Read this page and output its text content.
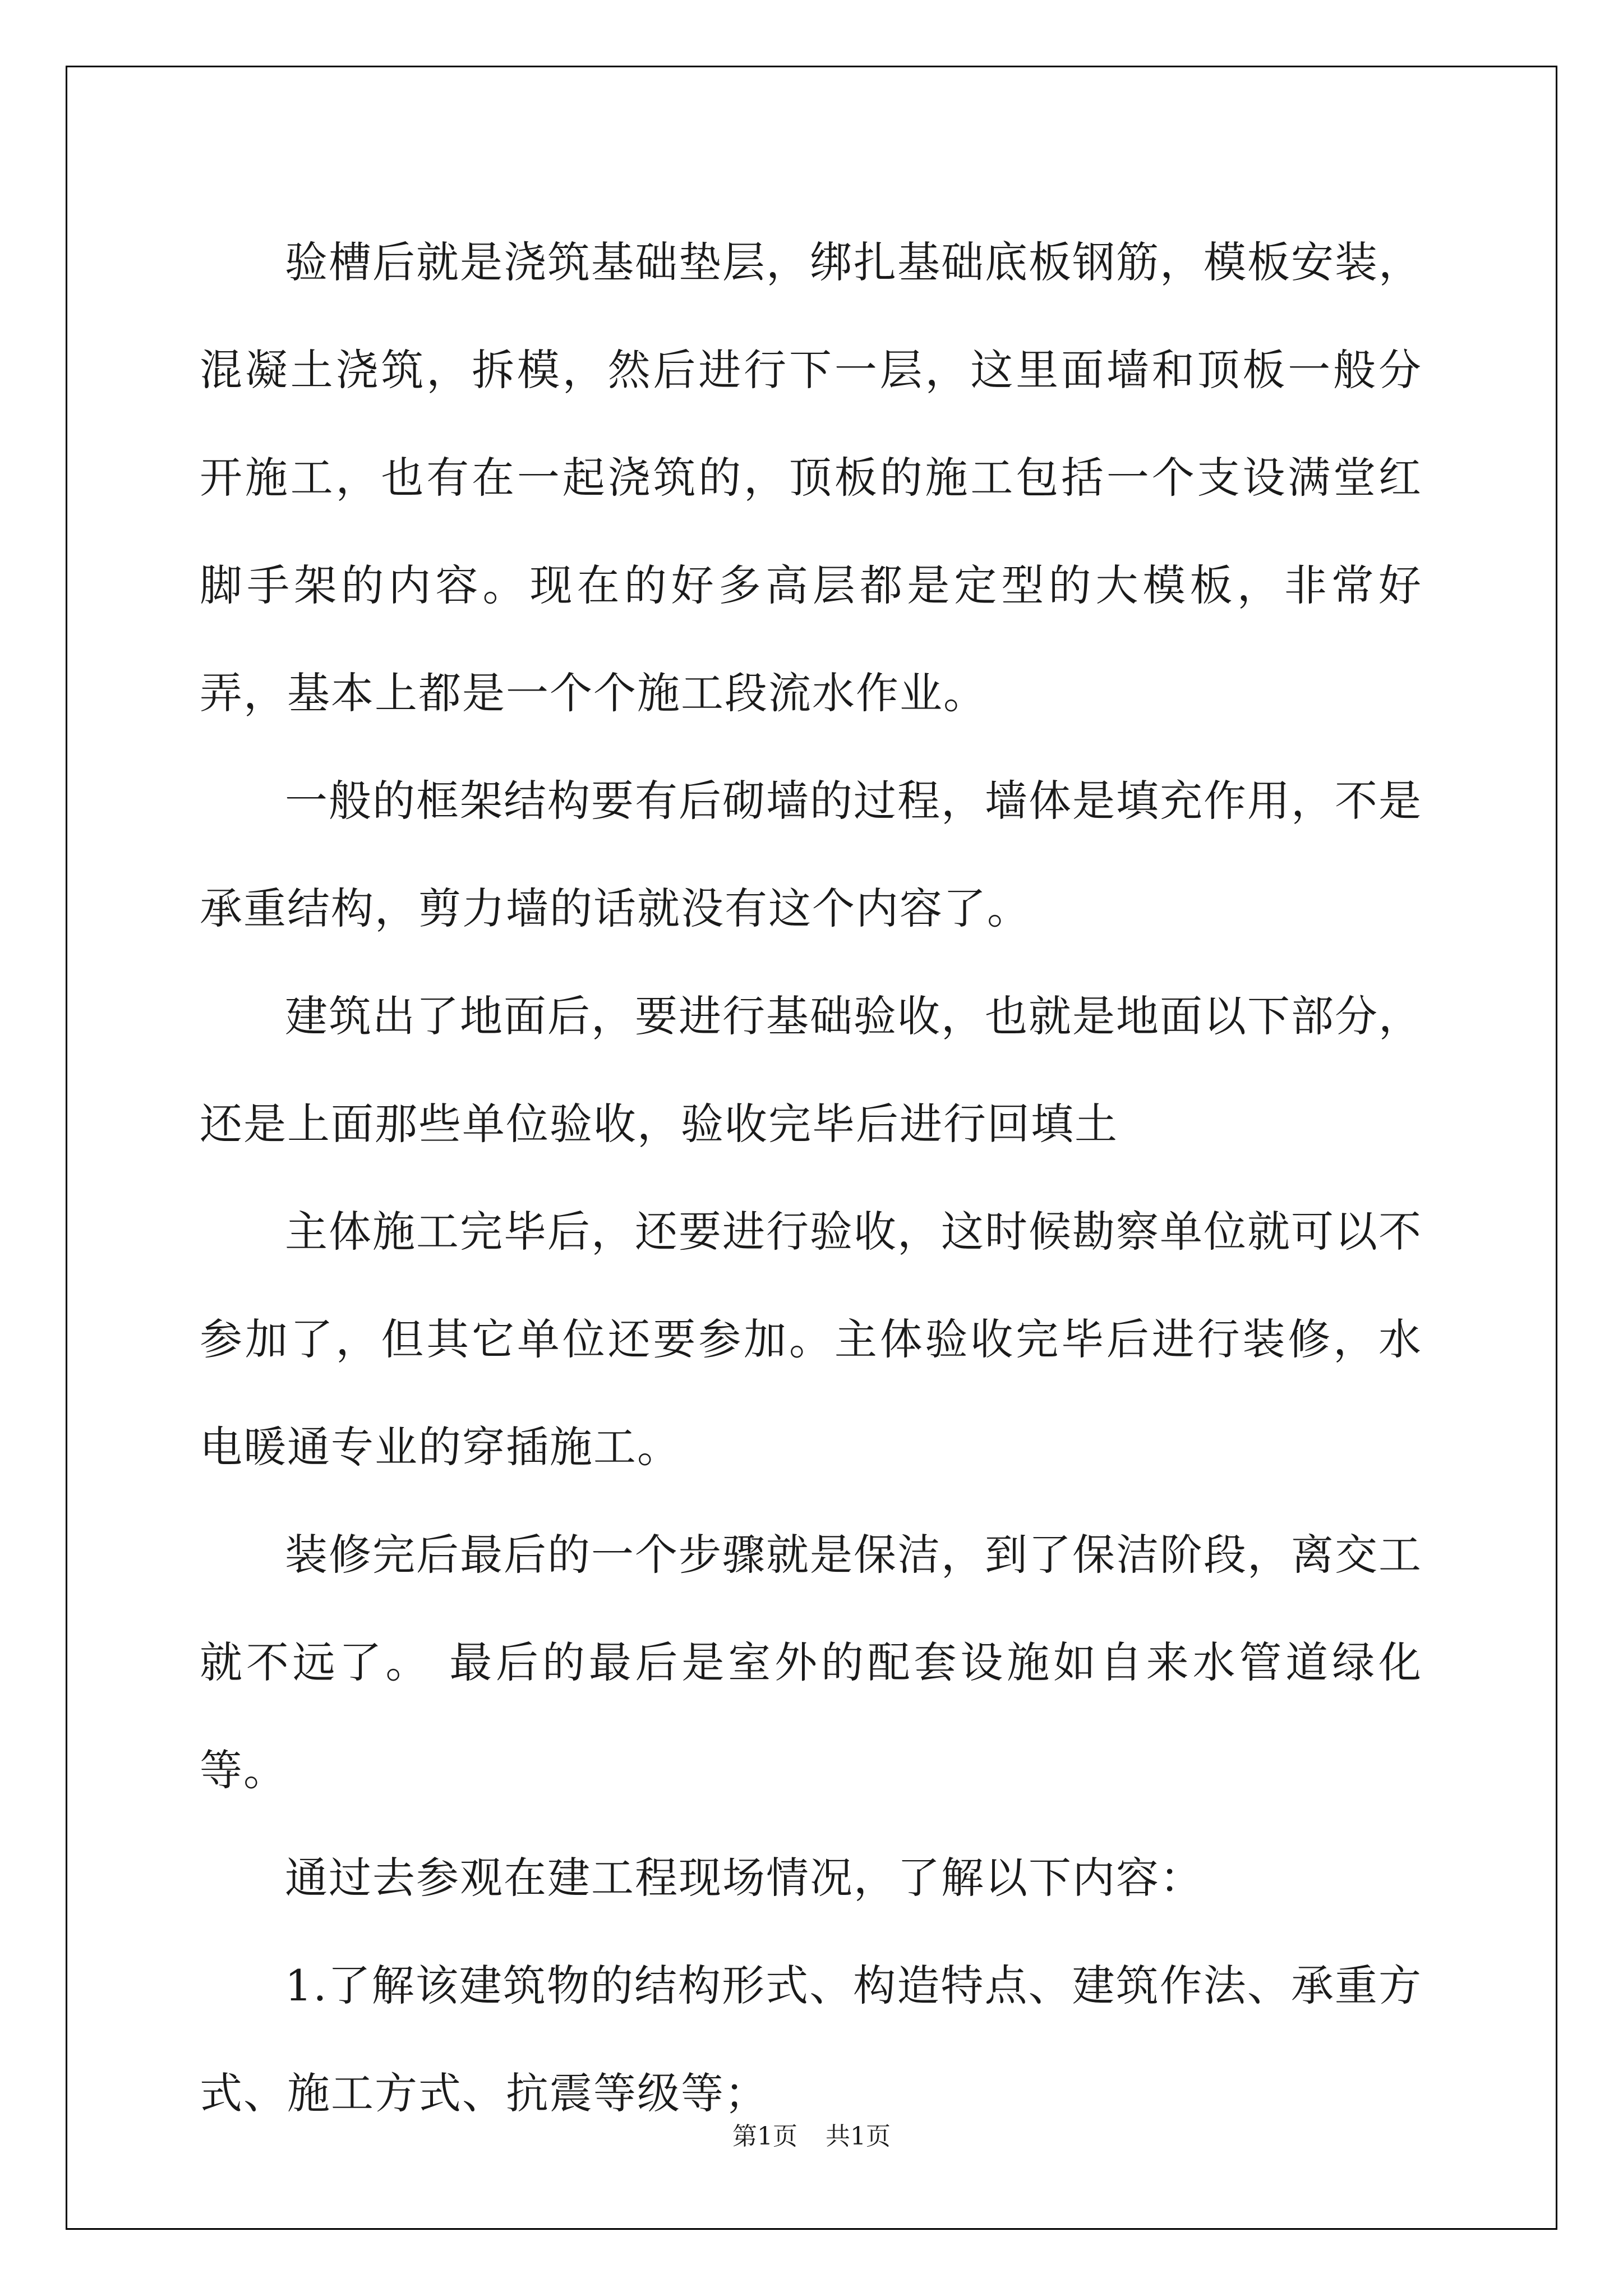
验槽后就是浇筑基础垫层，绑扎基础底板钢筋，模板安装，混凝土浇筑，拆模，然后进行下一层，这里面墙和顶板一般分开施工，也有在一起浇筑的，顶板的施工包括一个支设满堂红脚手架的内容。现在的好多高层都是定型的大模板，非常好弄，基本上都是一个个施工段流水作业。

一般的框架结构要有后砌墙的过程，墙体是填充作用，不是承重结构，剪力墙的话就没有这个内容了。

建筑出了地面后，要进行基础验收，也就是地面以下部分，还是上面那些单位验收，验收完毕后进行回填土

主体施工完毕后，还要进行验收，这时候勘察单位就可以不参加了，但其它单位还要参加。主体验收完毕后进行装修，水电暖通专业的穿插施工。

装修完后最后的一个步骤就是保洁，到了保洁阶段，离交工就不远了。 最后的最后是室外的配套设施如自来水管道绿化等。

通过去参观在建工程现场情况，了解以下内容：

1.了解该建筑物的结构形式、构造特点、建筑作法、承重方式、施工方式、抗震等级等；

第1页 共1页
